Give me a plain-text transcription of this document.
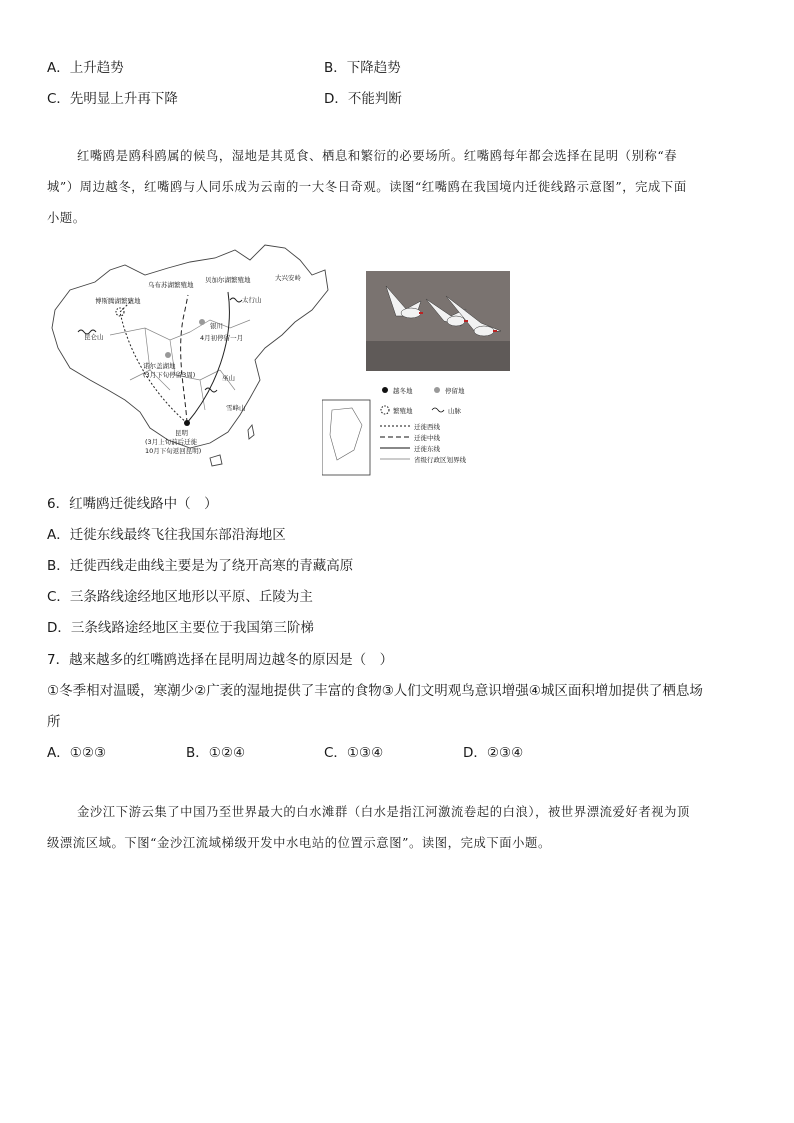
A．上升趋势	B．下降趋势
C．先明显上升再下降	D．不能判断
红嘴鸥是鸥科鸥属的候鸟，湿地是其觅食、栖息和繁衍的必要场所。红嘴鸥每年都会选择在昆明（别称“春
城”）周边越冬，红嘴鸥与人同乐成为云南的一大冬日奇观。读图“红嘴鸥在我国境内迁徙线路示意图”，完成下面
小题。
乌布苏湖繁殖地
贝加尔湖繁殖地
博斯腾湖繁殖地
昆仑山
银川
太行山
大兴安岭
4月初停留一月
诺尔盖湖地
(3月下旬停留3周)	巫山
雪峰山
昆明
(3月上旬前后迁徙
10月下旬返回昆明)
越冬地	停留地
繁殖地	山脉
迁徙西线
迁徙中线
迁徙东线
省级行政区划界线
6．红嘴鸥迁徙线路中（　）
A．迁徙东线最终飞往我国东部沿海地区
B．迁徙西线走曲线主要是为了绕开高寒的青藏高原
C．三条路线途经地区地形以平原、丘陵为主
D．三条线路途经地区主要位于我国第三阶梯
7．越来越多的红嘴鸥选择在昆明周边越冬的原因是（　）
①冬季相对温暖，寒潮少②广袤的湿地提供了丰富的食物③人们文明观鸟意识增强④城区面积增加提供了栖息场
所
A．①②③	B．①②④	C．①③④	D．②③④
金沙江下游云集了中国乃至世界最大的白水滩群（白水是指江河激流卷起的白浪），被世界漂流爱好者视为顶
级漂流区域。下图“金沙江流域梯级开发中水电站的位置示意图”。读图，完成下面小题。
